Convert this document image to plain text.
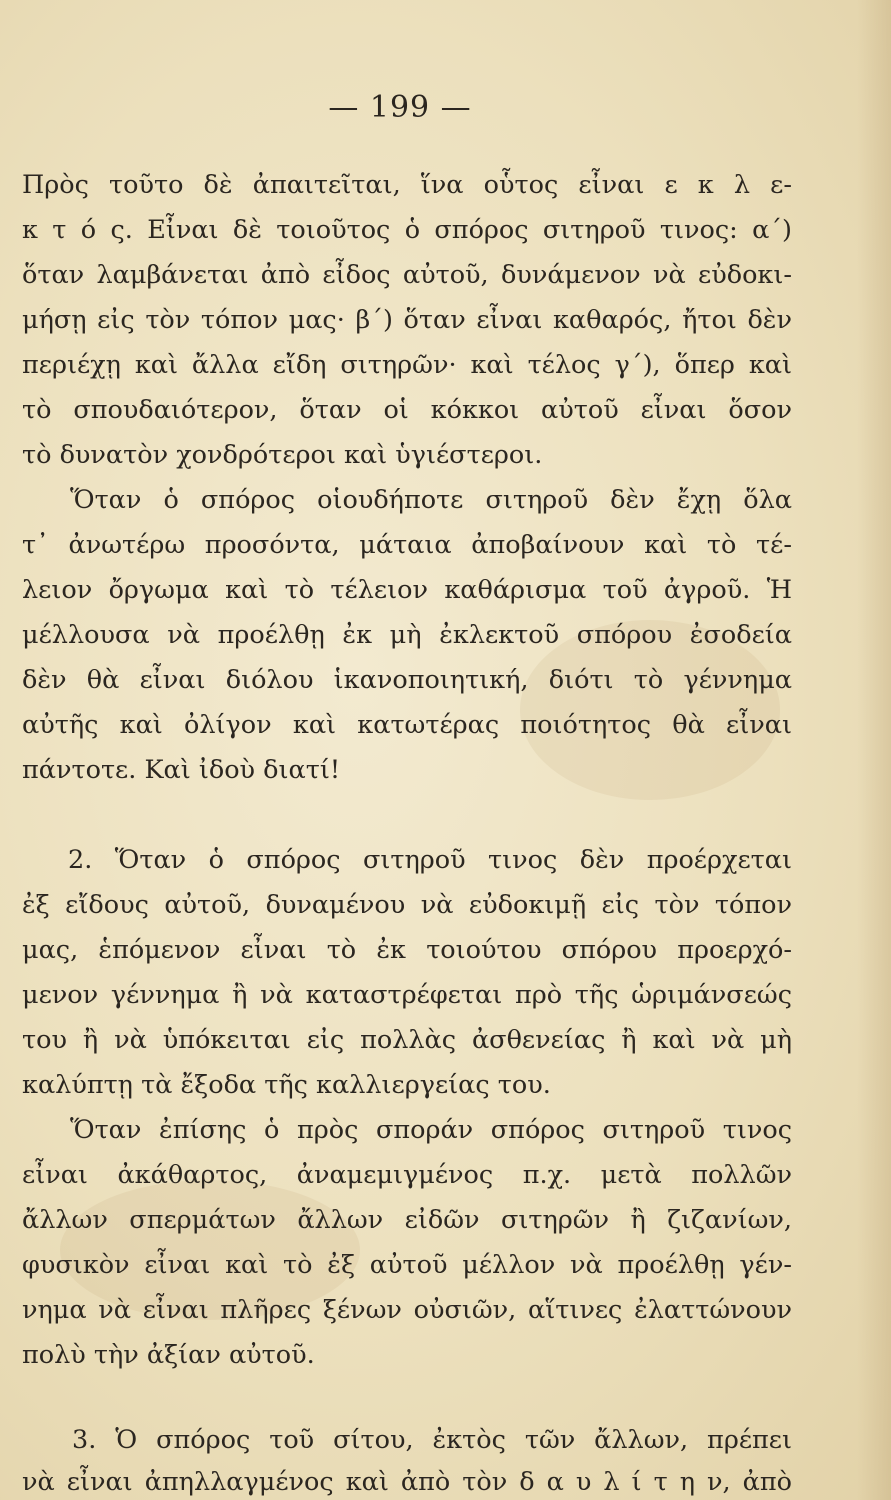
— 199 —
Πρὸς τοῦτο δὲ ἀπαιτεῖται, ἵνα οὗτος εἶναι ε κ λ ε-
κ τ ό ς. Εἶναι δὲ τοιοῦτος ὁ σπόρος σιτηροῦ τινος: α΄)
ὅταν λαμβάνεται ἀπὸ εἶδος αὐτοῦ, δυνάμενον νὰ εὐδοκι-
μήσῃ εἰς τὸν τόπον μας· β΄) ὅταν εἶναι καθαρός, ἤτοι δὲν
περιέχῃ καὶ ἄλλα εἴδη σιτηρῶν· καὶ τέλος γ΄), ὅπερ καὶ
τὸ σπουδαιότερον, ὅταν οἱ κόκκοι αὐτοῦ εἶναι ὅσον
τὸ δυνατὸν χονδρότεροι καὶ ὑγιέστεροι.
Ὅταν ὁ σπόρος οἱουδήποτε σιτηροῦ δὲν ἔχῃ ὅλα
τ᾽ ἀνωτέρω προσόντα, μάταια ἀποβαίνουν καὶ τὸ τέ-
λειον ὄργωμα καὶ τὸ τέλειον καθάρισμα τοῦ ἀγροῦ. Ἡ
μέλλουσα νὰ προέλθῃ ἐκ μὴ ἐκλεκτοῦ σπόρου ἐσοδεία
δὲν θὰ εἶναι διόλου ἱκανοποιητική, διότι τὸ γέννημα
αὐτῆς καὶ ὀλίγον καὶ κατωτέρας ποιότητος θὰ εἶναι
πάντοτε. Καὶ ἰδοὺ διατί!
2. Ὅταν ὁ σπόρος σιτηροῦ τινος δὲν προέρχεται
ἐξ εἴδους αὐτοῦ, δυναμένου νὰ εὐδοκιμῇ εἰς τὸν τόπον
μας, ἑπόμενον εἶναι τὸ ἐκ τοιούτου σπόρου προερχό-
μενον γέννημα ἢ νὰ καταστρέφεται πρὸ τῆς ὡριμάνσεώς
του ἢ νὰ ὑπόκειται εἰς πολλὰς ἀσθενείας ἢ καὶ νὰ μὴ
καλύπτῃ τὰ ἔξοδα τῆς καλλιεργείας του.
Ὅταν ἐπίσης ὁ πρὸς σποράν σπόρος σιτηροῦ τινος
εἶναι ἀκάθαρτος, ἀναμεμιγμένος π.χ. μετὰ πολλῶν
ἄλλων σπερμάτων ἄλλων εἰδῶν σιτηρῶν ἢ ζιζανίων,
φυσικὸν εἶναι καὶ τὸ ἐξ αὐτοῦ μέλλον νὰ προέλθῃ γέν-
νημα νὰ εἶναι πλῆρες ξένων οὐσιῶν, αἵτινες ἐλαττώνουν
πολὺ τὴν ἀξίαν αὐτοῦ.
3. Ὁ σπόρος τοῦ σίτου, ἐκτὸς τῶν ἄλλων, πρέπει
νὰ εἶναι ἀπηλλαγμένος καὶ ἀπὸ τὸν δ α υ λ ί τ η ν, ἀπὸ
